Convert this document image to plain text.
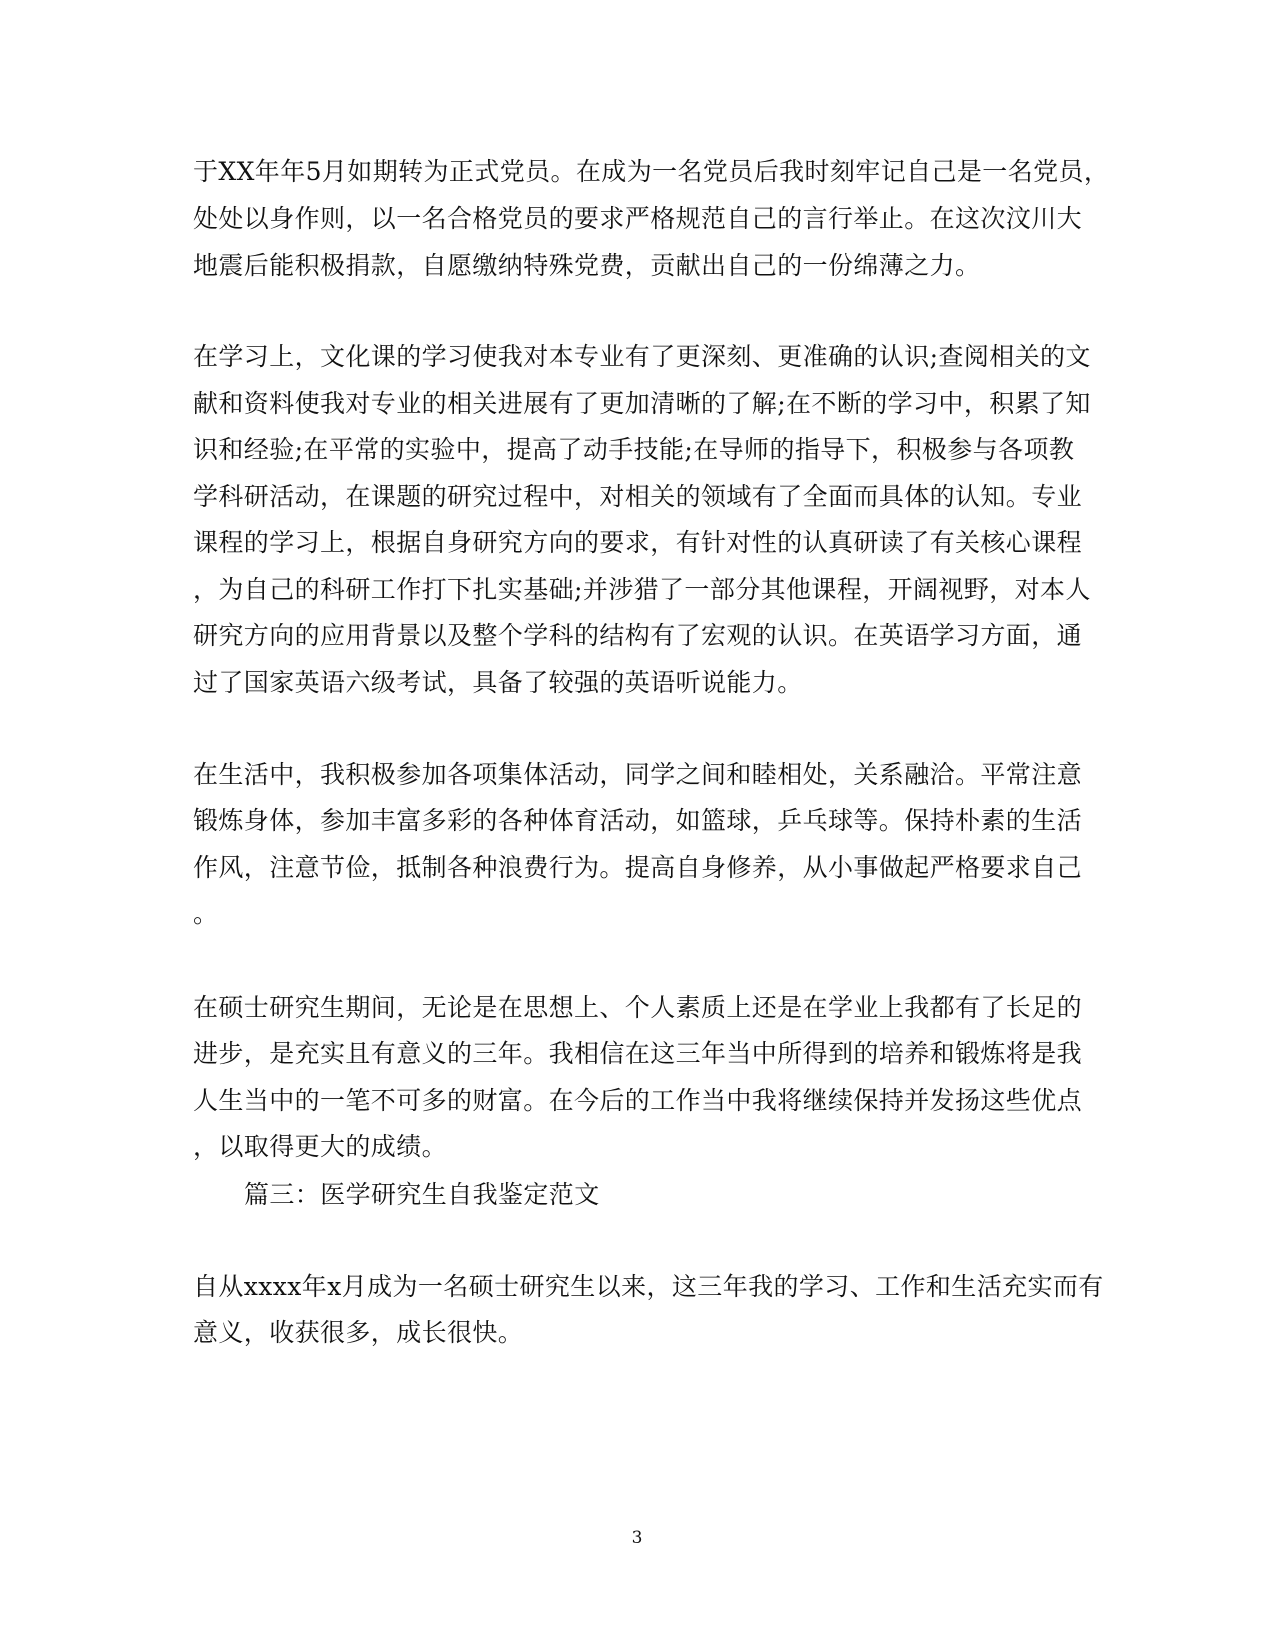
于XX年年5月如期转为正式党员。在成为一名党员后我时刻牢记自己是一名党员，
处处以身作则，以一名合格党员的要求严格规范自己的言行举止。在这次汶川大
地震后能积极捐款，自愿缴纳特殊党费，贡献出自己的一份绵薄之力。
在学习上，文化课的学习使我对本专业有了更深刻、更准确的认识;查阅相关的文
献和资料使我对专业的相关进展有了更加清晰的了解;在不断的学习中，积累了知
识和经验;在平常的实验中，提高了动手技能;在导师的指导下，积极参与各项教
学科研活动，在课题的研究过程中，对相关的领域有了全面而具体的认知。专业
课程的学习上，根据自身研究方向的要求，有针对性的认真研读了有关核心课程
，为自己的科研工作打下扎实基础;并涉猎了一部分其他课程，开阔视野，对本人
研究方向的应用背景以及整个学科的结构有了宏观的认识。在英语学习方面，通
过了国家英语六级考试，具备了较强的英语听说能力。
在生活中，我积极参加各项集体活动，同学之间和睦相处，关系融洽。平常注意
锻炼身体，参加丰富多彩的各种体育活动，如篮球，乒乓球等。保持朴素的生活
作风，注意节俭，抵制各种浪费行为。提高自身修养，从小事做起严格要求自己
。
在硕士研究生期间，无论是在思想上、个人素质上还是在学业上我都有了长足的
进步，是充实且有意义的三年。我相信在这三年当中所得到的培养和锻炼将是我
人生当中的一笔不可多的财富。在今后的工作当中我将继续保持并发扬这些优点
，以取得更大的成绩。
篇三：医学研究生自我鉴定范文
自从xxxx年x月成为一名硕士研究生以来，这三年我的学习、工作和生活充实而有
意义，收获很多，成长很快。
3
